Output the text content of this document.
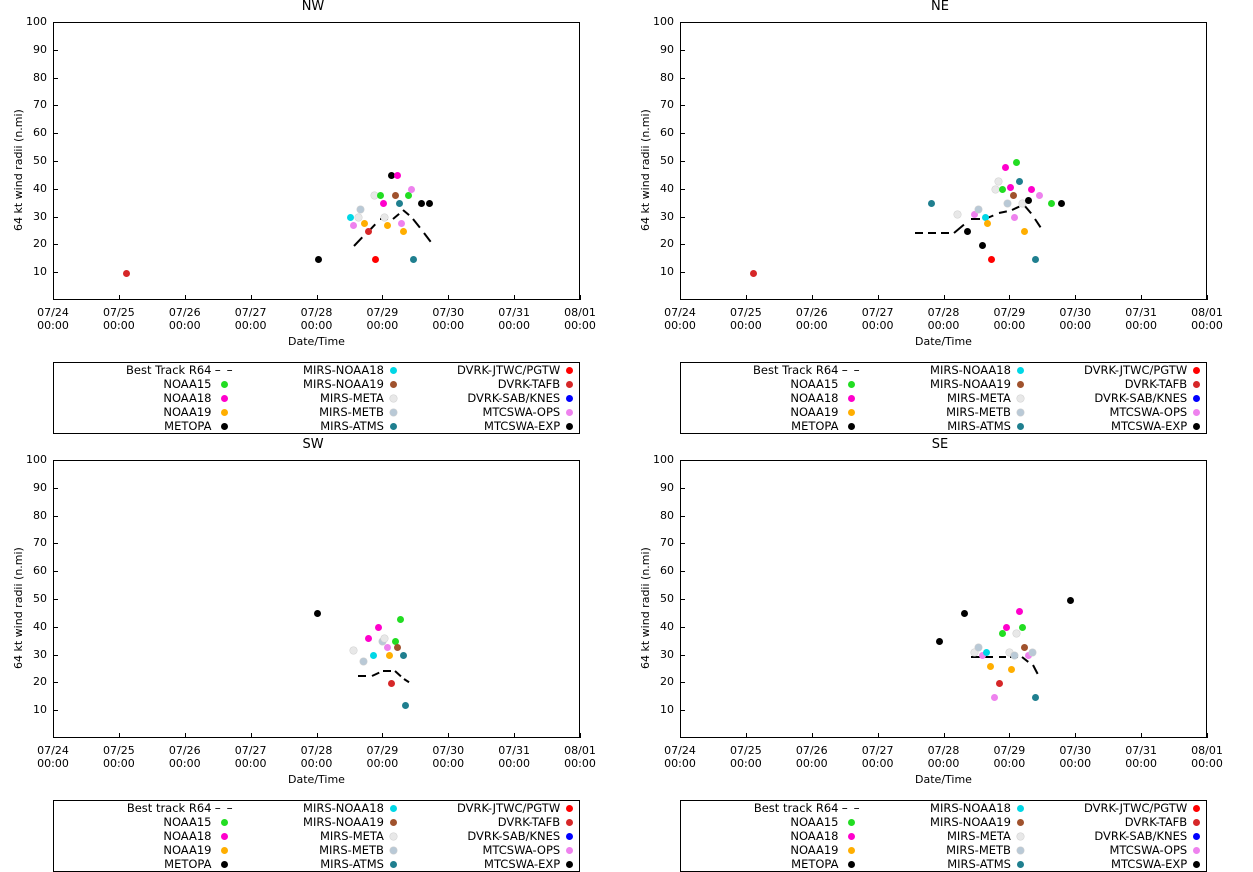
NW
10
20
30
40
50
60
70
80
90
100
07/24
00:00
07/25
00:00
07/26
00:00
07/27
00:00
07/28
00:00
07/29
00:00
07/30
00:00
07/31
00:00
08/01
00:00
64 kt wind radii (n.mi)
Date/Time
Best Track R64	– –	MIRS-NOAA18		DVRK-JTWC/PGTW	
NOAA15		MIRS-NOAA19		DVRK-TAFB	
NOAA18		MIRS-META		DVRK-SAB/KNES	
NOAA19		MIRS-METB		MTCSWA-OPS	
METOPA		MIRS-ATMS		MTCSWA-EXP	
NE
10
20
30
40
50
60
70
80
90
100
07/24
00:00
07/25
00:00
07/26
00:00
07/27
00:00
07/28
00:00
07/29
00:00
07/30
00:00
07/31
00:00
08/01
00:00
64 kt wind radii (n.mi)
Date/Time
Best Track R64	– –	MIRS-NOAA18		DVRK-JTWC/PGTW	
NOAA15		MIRS-NOAA19		DVRK-TAFB	
NOAA18		MIRS-META		DVRK-SAB/KNES	
NOAA19		MIRS-METB		MTCSWA-OPS	
METOPA		MIRS-ATMS		MTCSWA-EXP	
SW
10
20
30
40
50
60
70
80
90
100
07/24
00:00
07/25
00:00
07/26
00:00
07/27
00:00
07/28
00:00
07/29
00:00
07/30
00:00
07/31
00:00
08/01
00:00
64 kt wind radii (n.mi)
Date/Time
Best track R64	– –	MIRS-NOAA18		DVRK-JTWC/PGTW	
NOAA15		MIRS-NOAA19		DVRK-TAFB	
NOAA18		MIRS-META		DVRK-SAB/KNES	
NOAA19		MIRS-METB		MTCSWA-OPS	
METOPA		MIRS-ATMS		MTCSWA-EXP	
SE
10
20
30
40
50
60
70
80
90
100
07/24
00:00
07/25
00:00
07/26
00:00
07/27
00:00
07/28
00:00
07/29
00:00
07/30
00:00
07/31
00:00
08/01
00:00
64 kt wind radii (n.mi)
Date/Time
Best track R64	– –	MIRS-NOAA18		DVRK-JTWC/PGTW	
NOAA15		MIRS-NOAA19		DVRK-TAFB	
NOAA18		MIRS-META		DVRK-SAB/KNES	
NOAA19		MIRS-METB		MTCSWA-OPS	
METOPA		MIRS-ATMS		MTCSWA-EXP	
